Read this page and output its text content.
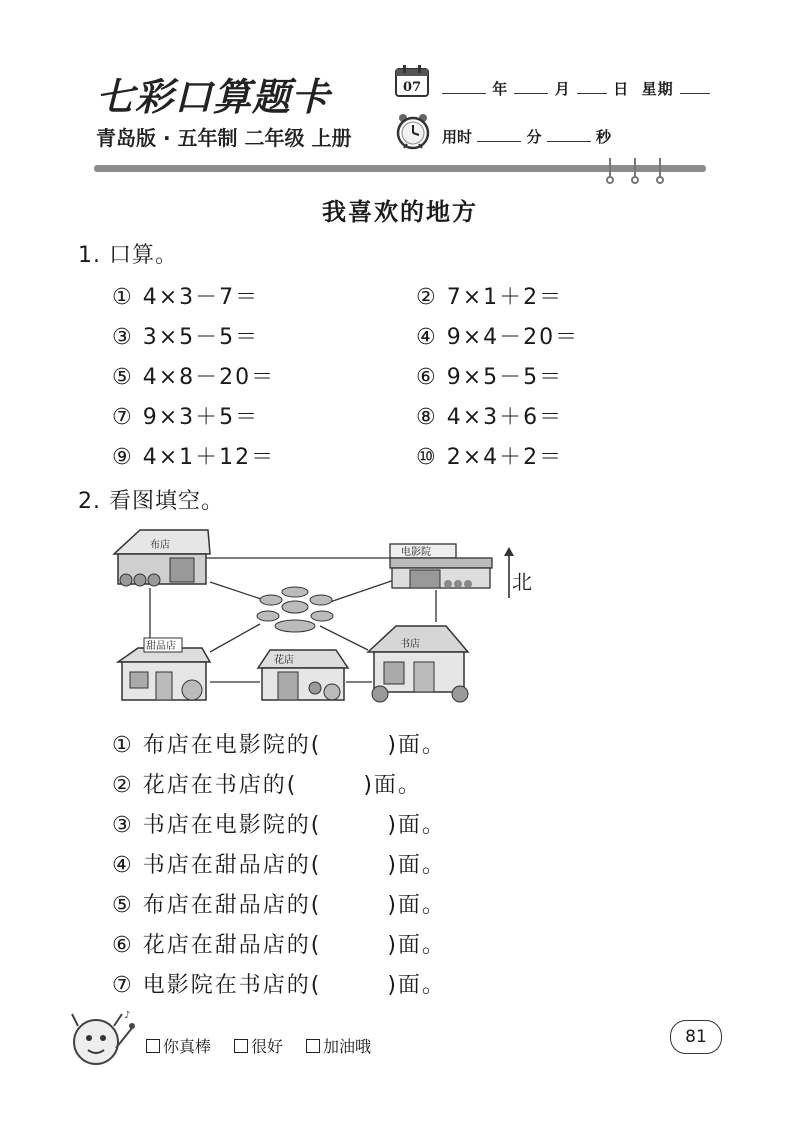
七彩口算题卡
青岛版 · 五年制 二年级 上册
07	年	月	日 星期
用时	分	秒
我喜欢的地方
1. 口算。
① 4×3－7＝	② 7×1＋2＝
③ 3×5－5＝	④ 9×4－20＝
⑤ 4×8－20＝	⑥ 9×5－5＝
⑦ 9×3＋5＝	⑧ 4×3＋6＝
⑨ 4×1＋12＝	⑩ 2×4＋2＝
2. 看图填空。
布店
电影院
甜品店
花店
书店
北
① 布店在电影院的(	)面。
② 花店在书店的(	)面。
③ 书店在电影院的(	)面。
④ 书店在甜品店的(	)面。
⑤ 布店在甜品店的(	)面。
⑥ 花店在甜品店的(	)面。
⑦ 电影院在书店的(	)面。
♪
你真棒	很好	加油哦	81
